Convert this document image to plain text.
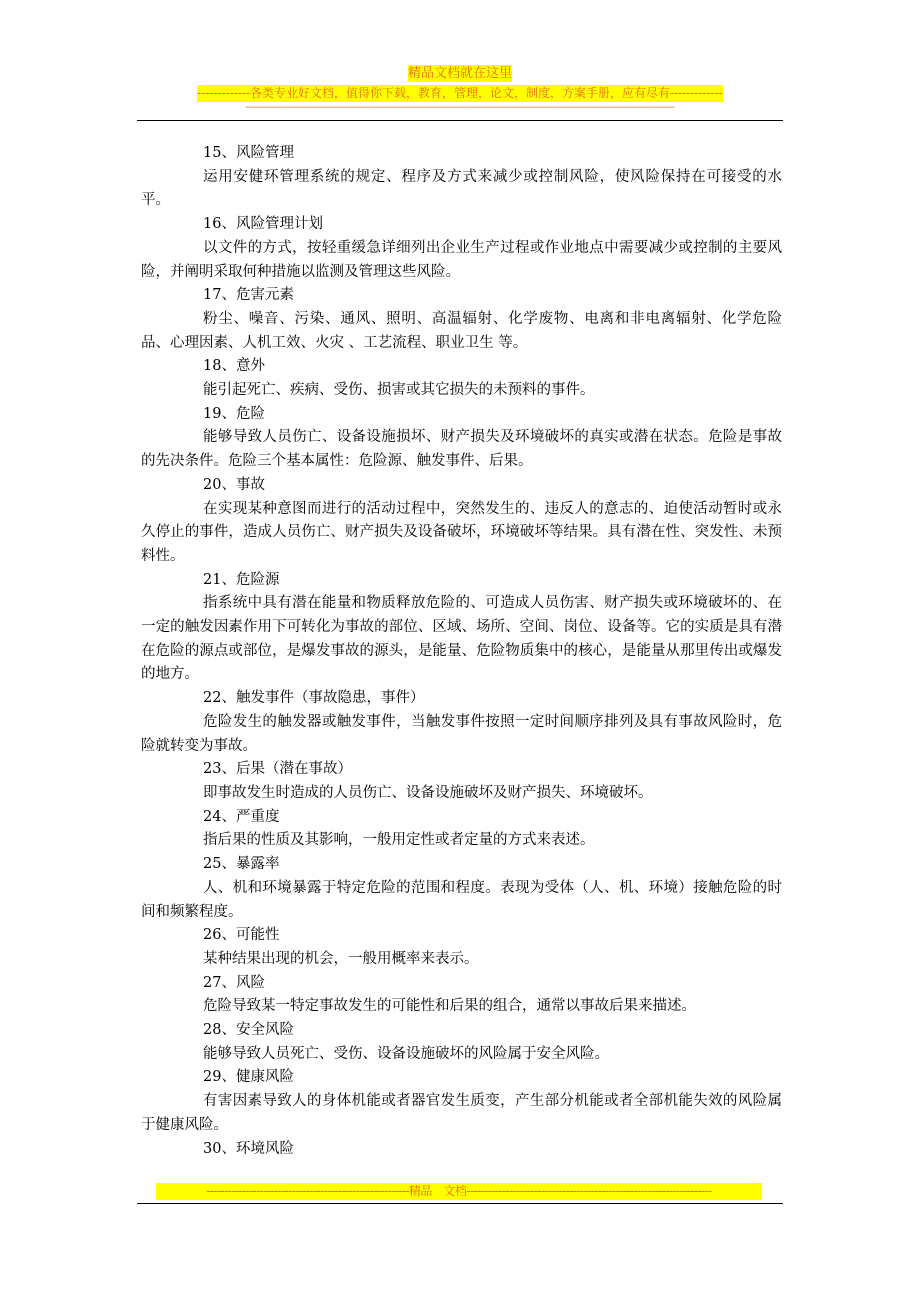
精品文档就在这里
-------------各类专业好文档，值得你下载，教育，管理，论文，制度，方案手册，应有尽有-------------
-----------------------------------------------------------------------------------------------------------------------------------------------------

15、风险管理

运用安健环管理系统的规定、程序及方式来减少或控制风险，使风险保持在可接受的水平。

16、风险管理计划

以文件的方式，按轻重缓急详细列出企业生产过程或作业地点中需要减少或控制的主要风险，并阐明采取何种措施以监测及管理这些风险。

17、危害元素

粉尘、噪音、污染、通风、照明、高温辐射、化学废物、电离和非电离辐射、化学危险品、心理因素、人机工效、火灾 、工艺流程、职业卫生 等。

18、意外

能引起死亡、疾病、受伤、损害或其它损失的未预料的事件。

19、危险

能够导致人员伤亡、设备设施损坏、财产损失及环境破坏的真实或潜在状态。危险是事故的先决条件。危险三个基本属性：危险源、触发事件、后果。

20、事故

在实现某种意图而进行的活动过程中，突然发生的、违反人的意志的、迫使活动暂时或永久停止的事件，造成人员伤亡、财产损失及设备破坏，环境破坏等结果。具有潜在性、突发性、未预料性。

21、危险源

指系统中具有潜在能量和物质释放危险的、可造成人员伤害、财产损失或环境破坏的、在一定的触发因素作用下可转化为事故的部位、区域、场所、空间、岗位、设备等。它的实质是具有潜在危险的源点或部位，是爆发事故的源头，是能量、危险物质集中的核心，是能量从那里传出或爆发的地方。

22、触发事件（事故隐患，事件）

危险发生的触发器或触发事件，当触发事件按照一定时间顺序排列及具有事故风险时，危险就转变为事故。

23、后果（潜在事故）

即事故发生时造成的人员伤亡、设备设施破坏及财产损失、环境破坏。

24、严重度

指后果的性质及其影响，一般用定性或者定量的方式来表述。

25、暴露率

人、机和环境暴露于特定危险的范围和程度。表现为受体（人、机、环境）接触危险的时间和频繁程度。

26、可能性

某种结果出现的机会，一般用概率来表示。

27、风险

危险导致某一特定事故发生的可能性和后果的组合，通常以事故后果来描述。

28、安全风险

能够导致人员死亡、受伤、设备设施破坏的风险属于安全风险。

29、健康风险

有害因素导致人的身体机能或者器官发生质变，产生部分机能或者全部机能失效的风险属于健康风险。

30、环境风险

---------------------------------------------------------精品　文档---------------------------------------------------------------------
